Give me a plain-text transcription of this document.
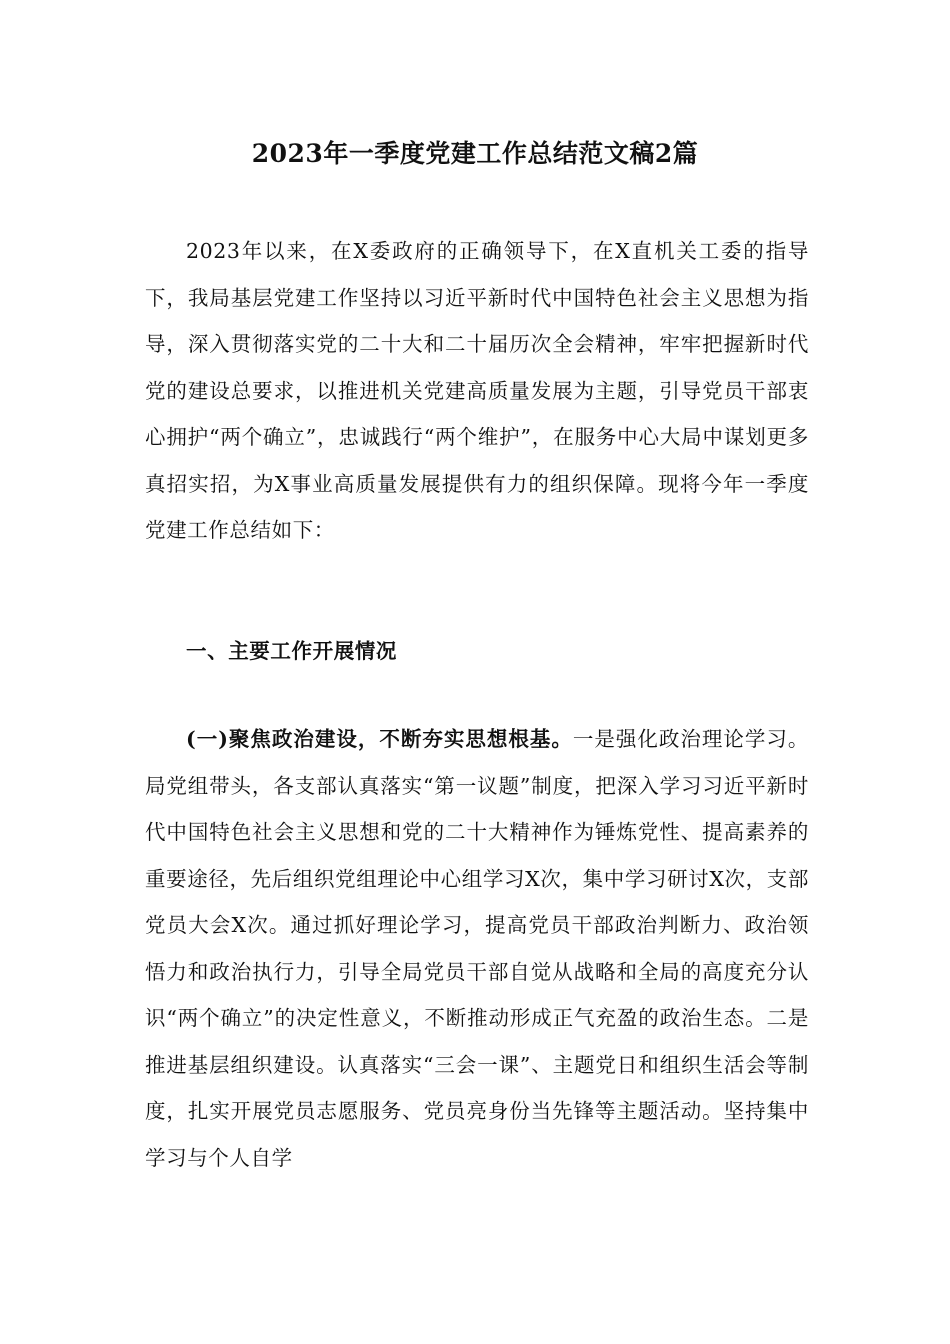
2023年一季度党建工作总结范文稿2篇

2023年以来，在X委政府的正确领导下，在X直机关工委的指导下，我局基层党建工作坚持以习近平新时代中国特色社会主义思想为指导，深入贯彻落实党的二十大和二十届历次全会精神，牢牢把握新时代党的建设总要求，以推进机关党建高质量发展为主题，引导党员干部衷心拥护“两个确立”，忠诚践行“两个维护”，在服务中心大局中谋划更多真招实招，为X事业高质量发展提供有力的组织保障。现将今年一季度党建工作总结如下：

一、主要工作开展情况

(一)聚焦政治建设，不断夯实思想根基。一是强化政治理论学习。局党组带头，各支部认真落实“第一议题”制度，把深入学习习近平新时代中国特色社会主义思想和党的二十大精神作为锤炼党性、提高素养的重要途径，先后组织党组理论中心组学习X次，集中学习研讨X次，支部党员大会X次。通过抓好理论学习，提高党员干部政治判断力、政治领悟力和政治执行力，引导全局党员干部自觉从战略和全局的高度充分认识“两个确立”的决定性意义，不断推动形成正气充盈的政治生态。二是推进基层组织建设。认真落实“三会一课”、主题党日和组织生活会等制度，扎实开展党员志愿服务、党员亮身份当先锋等主题活动。坚持集中学习与个人自学
